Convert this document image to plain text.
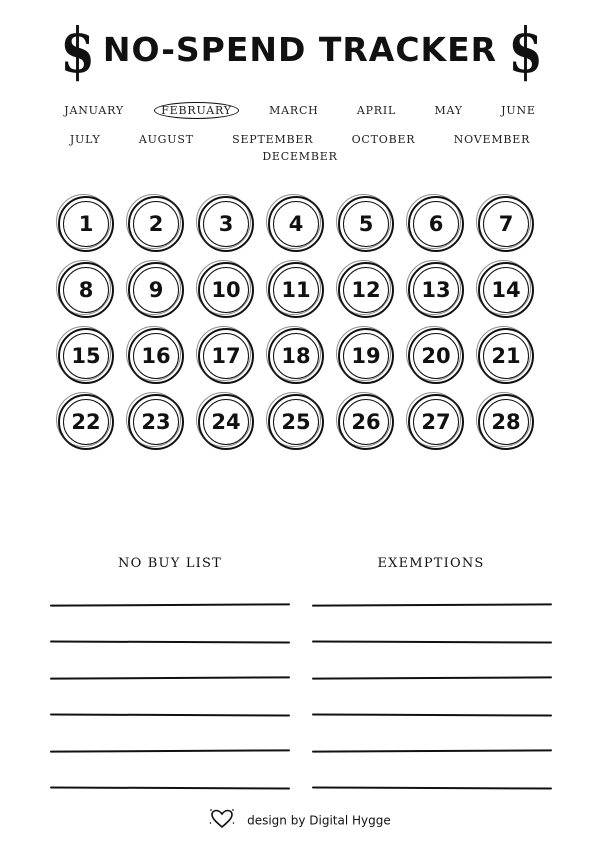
$ NO-SPEND TRACKER $
JANUARY	FEBRUARY	MARCH	APRIL	MAY	JUNE
JULY	AUGUST	SEPTEMBER	OCTOBER	NOVEMBER DECEMBER
1	2	3	4	5	6	7
8	9	10	11	12	13	14
15	16	17	18	19	20	21
22	23	24	25	26	27	28
NO BUY LIST	EXEMPTIONS
design by Digital Hygge
